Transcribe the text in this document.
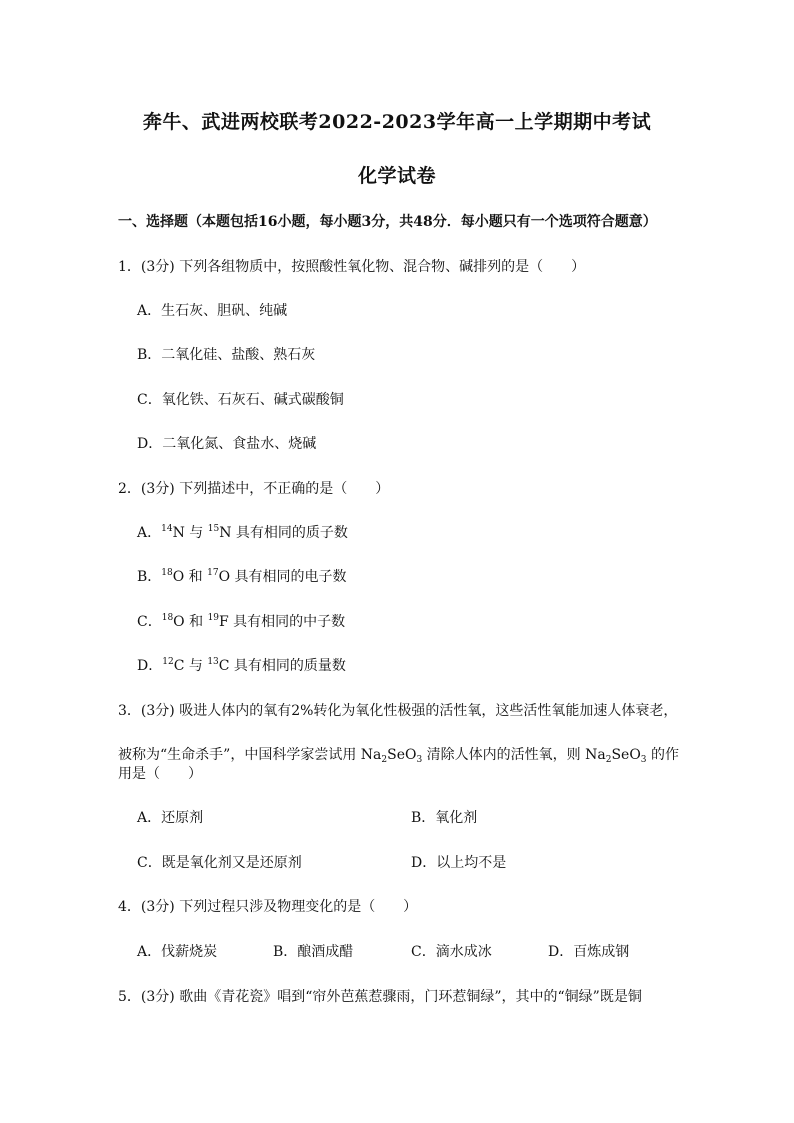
奔牛、武进两校联考2022-2023学年高一上学期期中考试
化学试卷
一、选择题（本题包括16小题，每小题3分，共48分．每小题只有一个选项符合题意）
1．(3分) 下列各组物质中，按照酸性氧化物、混合物、碱排列的是（　　）
A．生石灰、胆矾、纯碱
B．二氧化硅、盐酸、熟石灰
C．氧化铁、石灰石、碱式碳酸铜
D．二氧化氮、食盐水、烧碱
2．(3分) 下列描述中，不正确的是（　　）
A．$^{14}$N 与 $^{15}$N 具有相同的质子数
B．$^{18}$O 和 $^{17}$O 具有相同的电子数
C．$^{18}$O 和 $^{19}$F 具有相同的中子数
D．$^{12}$C 与 $^{13}$C 具有相同的质量数
3．(3分) 吸进人体内的氧有2%转化为氧化性极强的活性氧，这些活性氧能加速人体衰老，
被称为“生命杀手”，中国科学家尝试用 $Na_2SeO_3$ 清除人体内的活性氧，则 $Na_2SeO_3$ 的作
用是（　　）
A．还原剂	B．氧化剂
C．既是氧化剂又是还原剂	D．以上均不是
4．(3分) 下列过程只涉及物理变化的是（　　）
A．伐薪烧炭	B．酿酒成醋	C．滴水成冰	D．百炼成钢
5．(3分) 歌曲《青花瓷》唱到“帘外芭蕉惹骤雨，门环惹铜绿”，其中的“铜绿”既是铜
